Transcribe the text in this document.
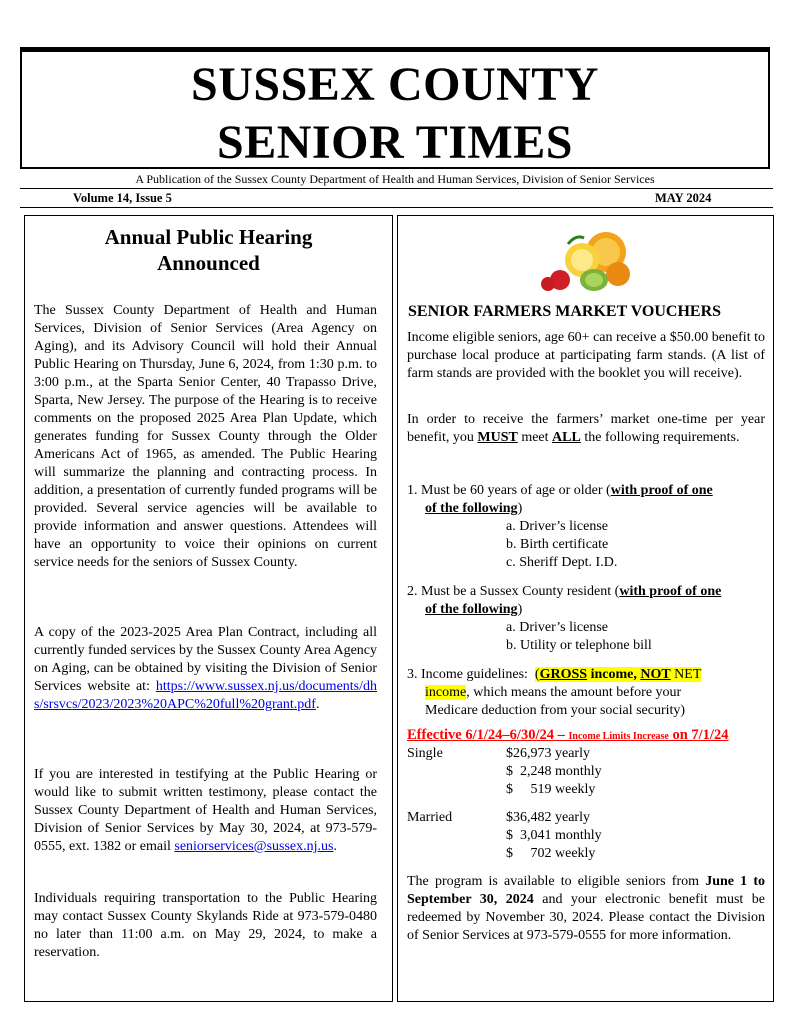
SUSSEX COUNTY
SENIOR TIMES
A Publication of the Sussex County Department of Health and Human Services, Division of Senior Services
Volume 14, Issue 5	MAY 2024
Annual Public Hearing
Announced
The Sussex County Department of Health and Human Services, Division of Senior Services (Area Agency on Aging), and its Advisory Council will hold their Annual Public Hearing on Thursday, June 6, 2024, from 1:30 p.m. to 3:00 p.m., at the Sparta Senior Center, 40 Trapasso Drive, Sparta, New Jersey. The purpose of the Hearing is to receive comments on the proposed 2025 Area Plan Update, which generates funding for Sussex County through the Older Americans Act of 1965, as amended. The Public Hearing will summarize the planning and contracting process. In addition, a presentation of currently funded programs will be provided. Several service agencies will be available to provide information and answer questions. Attendees will have an opportunity to voice their opinions on current service needs for the seniors of Sussex County.
A copy of the 2023-2025 Area Plan Contract, including all currently funded services by the Sussex County Area Agency on Aging, can be obtained by visiting the Division of Senior Services website at: https://www.sussex.nj.us/documents/dhs/srsvcs/2023/2023%20APC%20full%20grant.pdf.
If you are interested in testifying at the Public Hearing or would like to submit written testimony, please contact the Sussex County Department of Health and Human Services, Division of Senior Services by May 30, 2024, at 973-579-0555, ext. 1382 or email seniorservices@sussex.nj.us.
Individuals requiring transportation to the Public Hearing may contact Sussex County Skylands Ride at 973-579-0480 no later than 11:00 a.m. on May 29, 2024, to make a reservation.
SENIOR FARMERS MARKET VOUCHERS
Income eligible seniors, age 60+ can receive a $50.00 benefit to purchase local produce at participating farm stands. (A list of farm stands are provided with the booklet you will receive).
In order to receive the farmers’ market one-time per year benefit, you MUST meet ALL the following requirements.
1. Must be 60 years of age or older (with proof of one
of the following)
a. Driver’s license
b. Birth certificate
c. Sheriff Dept. I.D.
2. Must be a Sussex County resident (with proof of one
of the following)
a. Driver’s license
b. Utility or telephone bill
3. Income guidelines: (GROSS income, NOT NET
income, which means the amount before your
Medicare deduction from your social security)
Effective 6/1/24–6/30/24 – Income Limits Increase on 7/1/24
Single	$26,973 yearly
$  2,248 monthly
$     519 weekly
Married	$36,482 yearly
$  3,041 monthly
$     702 weekly
The program is available to eligible seniors from June 1 to September 30, 2024 and your electronic benefit must be redeemed by November 30, 2024. Please contact the Division of Senior Services at 973-579-0555 for more information.
